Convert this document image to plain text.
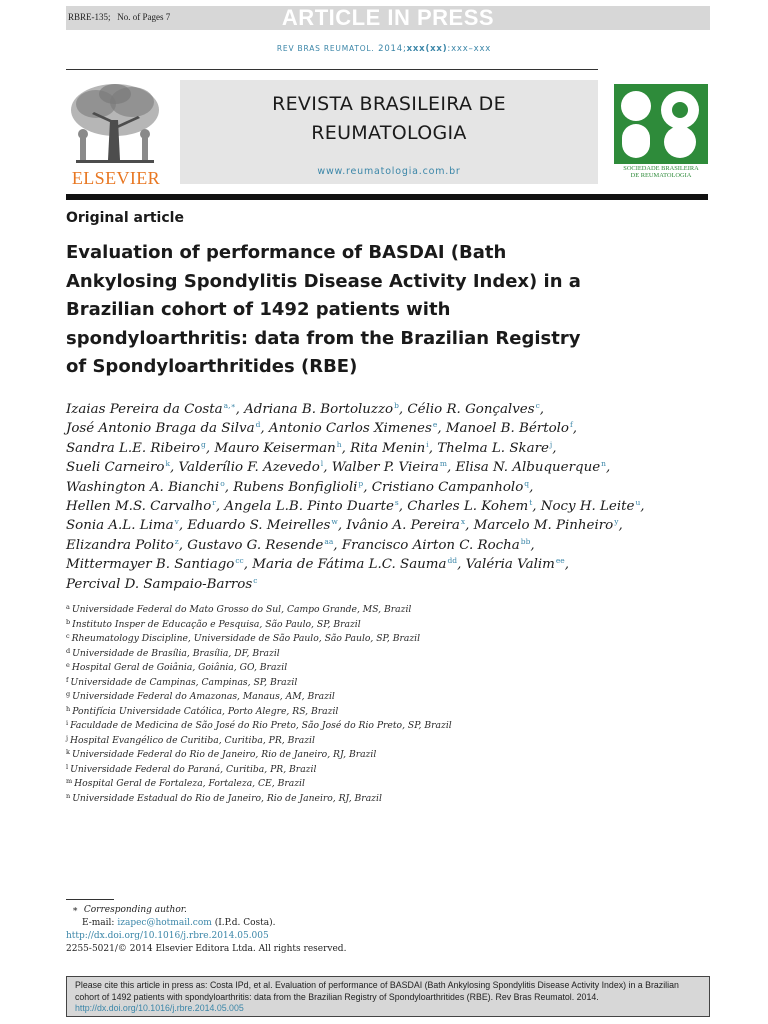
RBRE-135; No. of Pages 7	ARTICLE IN PRESS
REV BRAS REUMATOL. 2014;xxx(xx):xxx–xxx
ELSEVIER
REVISTA BRASILEIRA DE
REUMATOLOGIA
www.reumatologia.com.br	SOCIEDADE BRASILEIRA
DE REUMATOLOGIA
Original article
Evaluation of performance of BASDAI (Bath
Ankylosing Spondylitis Disease Activity Index) in a
Brazilian cohort of 1492 patients with
spondyloarthritis: data from the Brazilian Registry
of Spondyloarthritides (RBE)
Izaias Pereira da Costa$^{a,∗}$, Adriana B. Bortoluzzo$^b$, Célio R. Gonçalves$^c$,
José Antonio Braga da Silva$^d$, Antonio Carlos Ximenes$^e$, Manoel B. Bértolo$^f$,
Sandra L.E. Ribeiro$^g$, Mauro Keiserman$^h$, Rita Menin$^i$, Thelma L. Skare$^j$,
Sueli Carneiro$^k$, Valderílio F. Azevedo$^l$, Walber P. Vieira$^m$, Elisa N. Albuquerque$^n$,
Washington A. Bianchi$^o$, Rubens Bonfiglioli$^p$, Cristiano Campanholo$^q$,
Hellen M.S. Carvalho$^r$, Angela L.B. Pinto Duarte$^s$, Charles L. Kohem$^t$, Nocy H. Leite$^u$,
Sonia A.L. Lima$^v$, Eduardo S. Meirelles$^w$, Ivânio A. Pereira$^x$, Marcelo M. Pinheiro$^y$,
Elizandra Polito$^z$, Gustavo G. Resende$^{aa}$, Francisco Airton C. Rocha$^{bb}$,
Mittermayer B. Santiago$^{cc}$, Maria de Fátima L.C. Sauma$^{dd}$, Valéria Valim$^{ee}$,
Percival D. Sampaio-Barros$^c$
$^a$ Universidade Federal do Mato Grosso do Sul, Campo Grande, MS, Brazil
$^b$ Instituto Insper de Educação e Pesquisa, São Paulo, SP, Brazil
$^c$ Rheumatology Discipline, Universidade de São Paulo, São Paulo, SP, Brazil
$^d$ Universidade de Brasília, Brasília, DF, Brazil
$^e$ Hospital Geral de Goiânia, Goiânia, GO, Brazil
$^f$ Universidade de Campinas, Campinas, SP, Brazil
$^g$ Universidade Federal do Amazonas, Manaus, AM, Brazil
$^h$ Pontifícia Universidade Católica, Porto Alegre, RS, Brazil
$^i$ Faculdade de Medicina de São José do Rio Preto, São José do Rio Preto, SP, Brazil
$^j$ Hospital Evangélico de Curitiba, Curitiba, PR, Brazil
$^k$ Universidade Federal do Rio de Janeiro, Rio de Janeiro, RJ, Brazil
$^l$ Universidade Federal do Paraná, Curitiba, PR, Brazil
$^m$ Hospital Geral de Fortaleza, Fortaleza, CE, Brazil
$^n$ Universidade Estadual do Rio de Janeiro, Rio de Janeiro, RJ, Brazil
∗ Corresponding author.
E-mail: izapec@hotmail.com (I.P.d. Costa).
http://dx.doi.org/10.1016/j.rbre.2014.05.005
2255-5021/© 2014 Elsevier Editora Ltda. All rights reserved.
Please cite this article in press as: Costa IPd, et al. Evaluation of performance of BASDAI (Bath Ankylosing Spondylitis Disease Activity Index) in a Brazilian cohort of 1492 patients with spondyloarthritis: data from the Brazilian Registry of Spondyloarthritides (RBE). Rev Bras Reumatol. 2014. http://dx.doi.org/10.1016/j.rbre.2014.05.005
